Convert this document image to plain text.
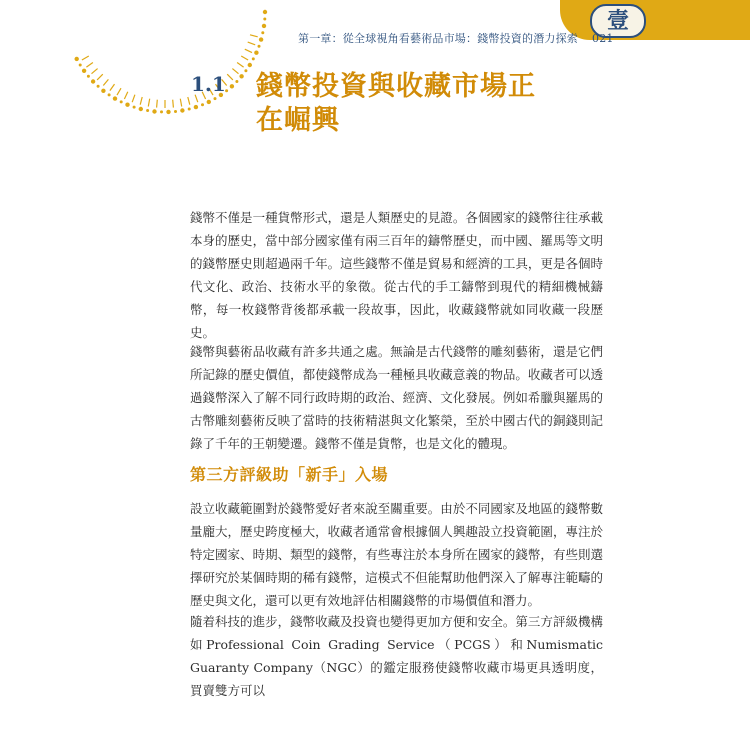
壹
第一章：從全球視角看藝術品市場：錢幣投資的潛力探索 021
1.1 錢幣投資與收藏市場正在崛興

錢幣不僅是一種貨幣形式，還是人類歷史的見證。各個國家的錢幣往往承載本身的歷史，當中部分國家僅有兩三百年的鑄幣歷史，而中國、羅馬等文明的錢幣歷史則超過兩千年。這些錢幣不僅是貿易和經濟的工具，更是各個時代文化、政治、技術水平的象徵。從古代的手工鑄幣到現代的精細機械鑄幣，每一枚錢幣背後都承載一段故事，因此，收藏錢幣就如同收藏一段歷史。

錢幣與藝術品收藏有許多共通之處。無論是古代錢幣的雕刻藝術，還是它們所記錄的歷史價值，都使錢幣成為一種極具收藏意義的物品。收藏者可以透過錢幣深入了解不同行政時期的政治、經濟、文化發展。例如希臘與羅馬的古幣雕刻藝術反映了當時的技術精湛與文化繁榮，至於中國古代的銅錢則記錄了千年的王朝變遷。錢幣不僅是貨幣，也是文化的體現。

第三方評級助「新手」入場

設立收藏範圍對於錢幣愛好者來說至關重要。由於不同國家及地區的錢幣數量龐大，歷史跨度極大，收藏者通常會根據個人興趣設立投資範圍，專注於特定國家、時期、類型的錢幣，有些專注於本身所在國家的錢幣，有些則選擇研究於某個時期的稀有錢幣，這模式不但能幫助他們深入了解專注範疇的歷史與文化，還可以更有效地評估相關錢幣的市場價值和潛力。

隨着科技的進步，錢幣收藏及投資也變得更加方便和安全。第三方評級機構如Professional Coin Grading Service（PCGS）和Numismatic Guaranty Company（NGC）的鑑定服務使錢幣收藏市場更具透明度，買賣雙方可以
